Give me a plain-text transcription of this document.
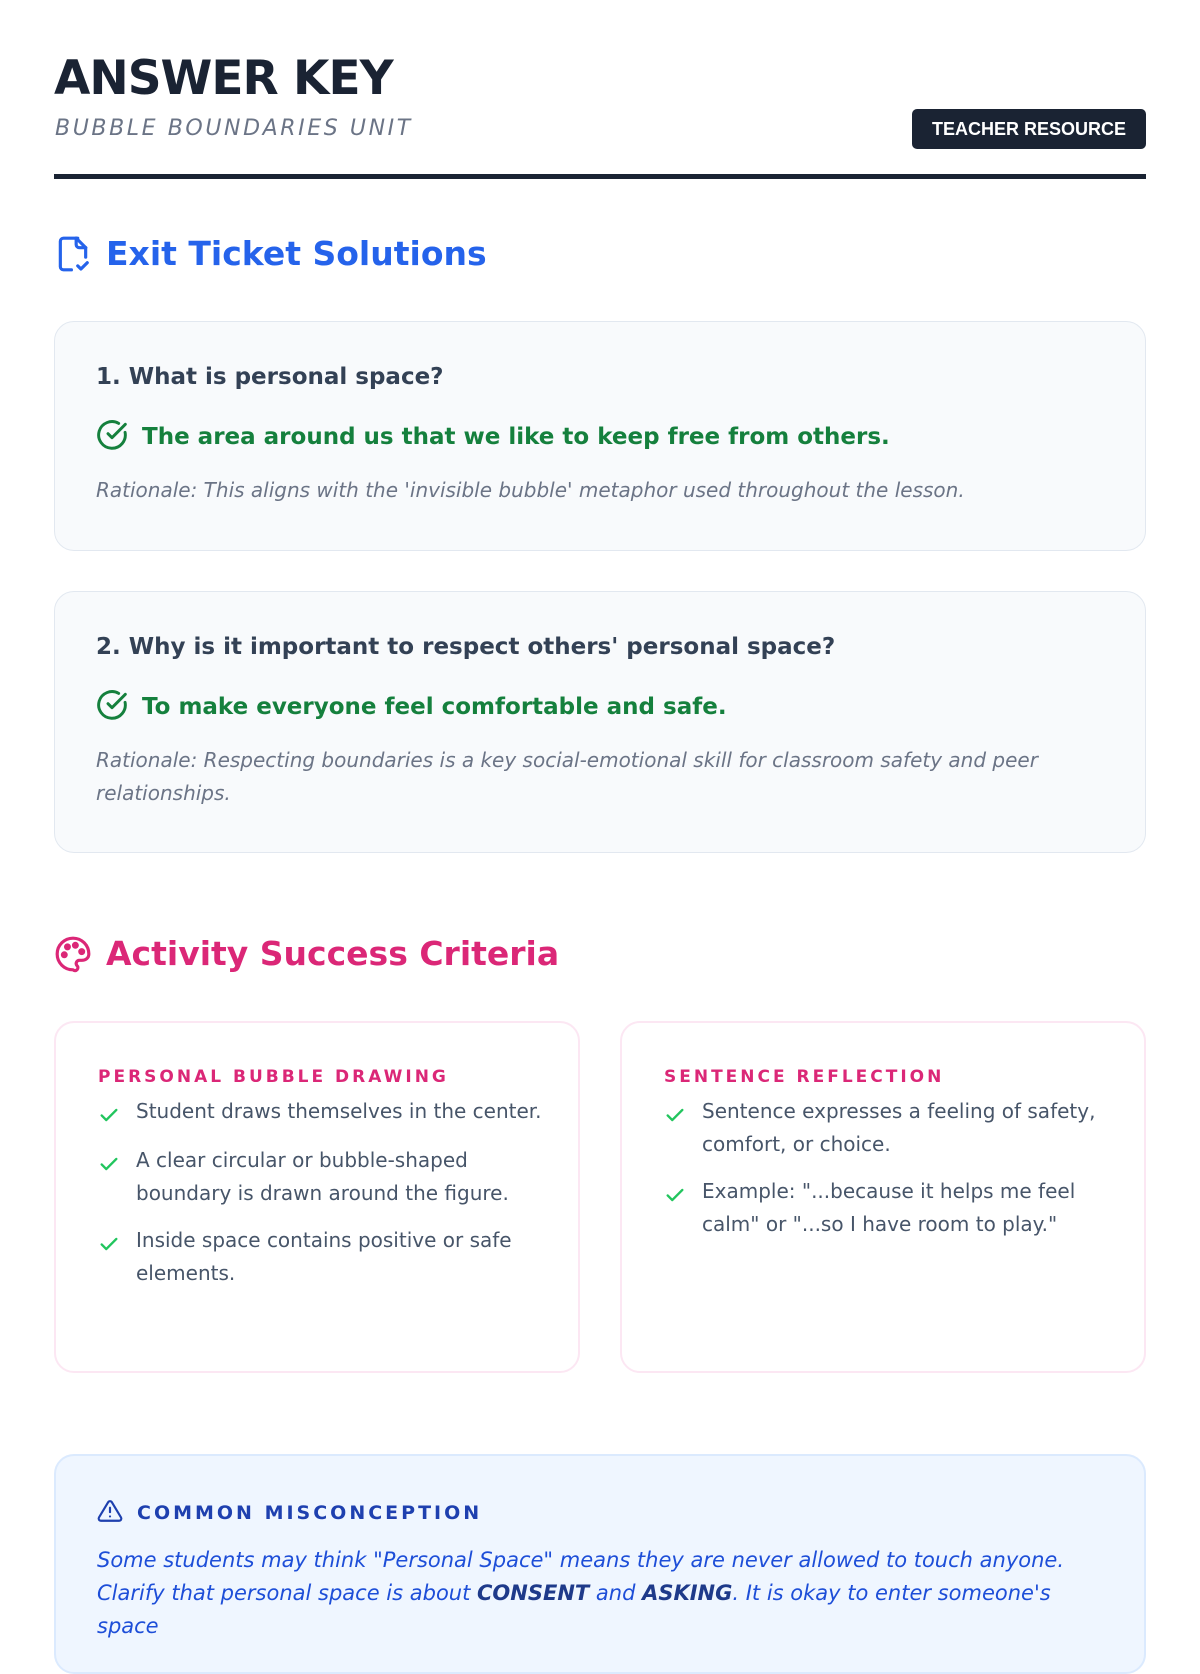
ANSWER KEY
BUBBLE BOUNDARIES UNIT	TEACHER RESOURCE
Exit Ticket Solutions

1. What is personal space?

The area around us that we like to keep free from others.
Rationale: This aligns with the 'invisible bubble' metaphor used throughout the lesson.

2. Why is it important to respect others' personal space?

To make everyone feel comfortable and safe.
Rationale: Respecting boundaries is a key social-emotional skill for classroom safety and peer relationships.
Activity Success Criteria
PERSONAL BUBBLE DRAWING
Student draws themselves in the center.
A clear circular or bubble-shaped boundary is drawn around the figure.
Inside space contains positive or safe elements.
SENTENCE REFLECTION
Sentence expresses a feeling of safety, comfort, or choice.
Example: "...because it helps me feel calm" or "...so I have room to play."
COMMON MISCONCEPTION
Some students may think "Personal Space" means they are never allowed to touch anyone. Clarify that personal space is about CONSENT and ASKING. It is okay to enter someone's space
